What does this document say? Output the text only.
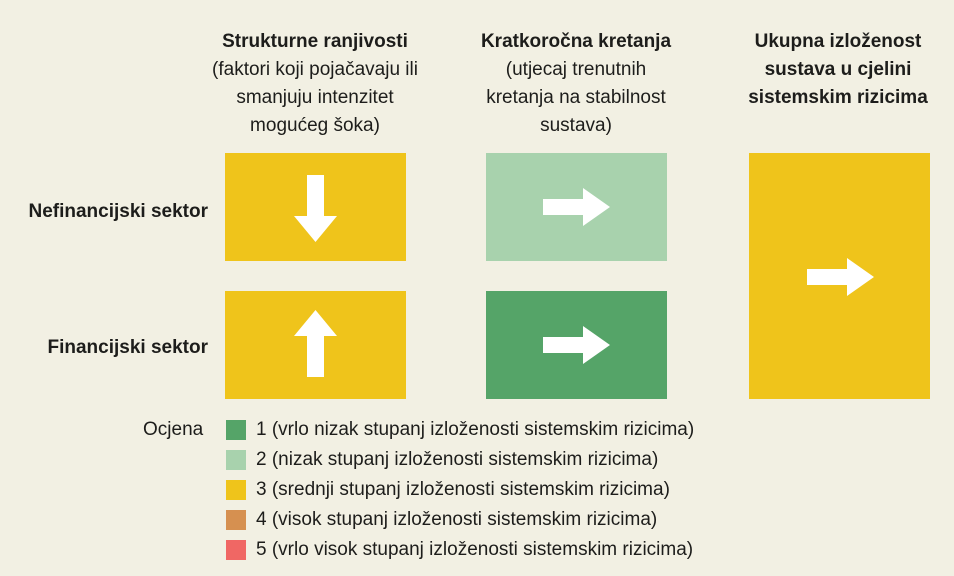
Strukturne ranjivosti
(faktori koji pojačavaju ili
smanjuju intenzitet
mogućeg šoka)
Kratkoročna kretanja
(utjecaj trenutnih
kretanja na stabilnost
sustava)
Ukupna izloženost
sustava u cjelini
sistemskim rizicima
Nefinancijski sektor
Financijski sektor
Ocjena	1 (vrlo nizak stupanj izloženosti sistemskim rizicima)
2 (nizak stupanj izloženosti sistemskim rizicima)
3 (srednji stupanj izloženosti sistemskim rizicima)
4 (visok stupanj izloženosti sistemskim rizicima)
5 (vrlo visok stupanj izloženosti sistemskim rizicima)
